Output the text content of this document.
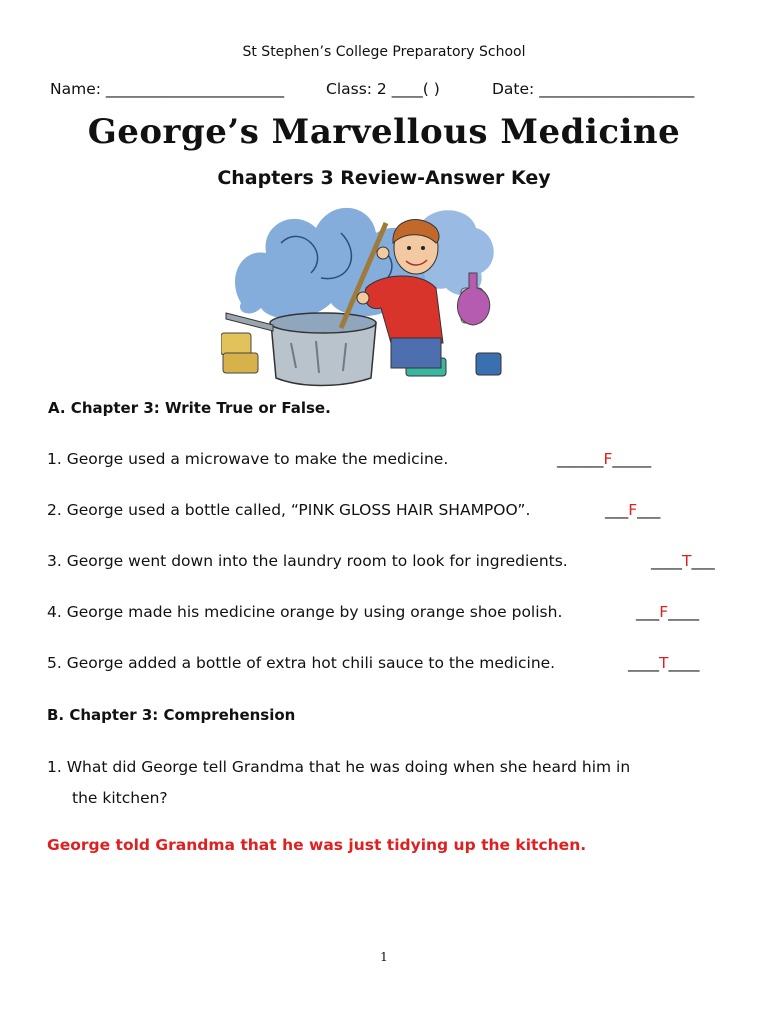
St Stephen’s College Preparatory School
Name: _______________________	Class: 2 ____( )	Date: ____________________
George’s Marvellous Medicine
Chapters 3 Review-Answer Key
A. Chapter 3: Write True or False.
1. George used a microwave to make the medicine.	______F_____
2. George used a bottle called, “PINK GLOSS HAIR SHAMPOO”.	___F___
3. George went down into the laundry room to look for ingredients.	____T___
4. George made his medicine orange by using orange shoe polish.	___F____
5. George added a bottle of extra hot chili sauce to the medicine.	____T____
B. Chapter 3: Comprehension
1. What did George tell Grandma that he was doing when she heard him in
the kitchen?
George told Grandma that he was just tidying up the kitchen.
1
